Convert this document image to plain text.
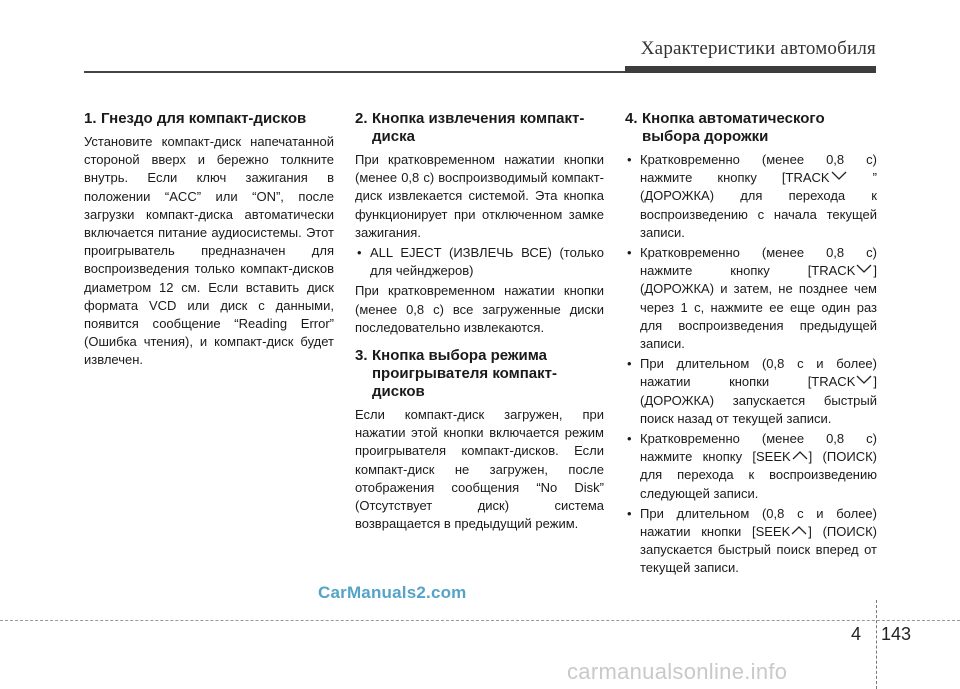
Характеристики автомобиля
1. Гнездо для компакт-дисков

Установите компакт-диск напечатанной стороной вверх и бережно толкните внутрь. Если ключ зажигания в положении “ACC” или “ON”, после загрузки компакт-диска автоматически включается питание аудиосистемы. Этот проигрыватель предназначен для воспроизведения только компакт-дисков диаметром 12 см. Если вставить диск формата VCD или диск с данными, появится сообщение “Reading Error” (Ошибка чтения), и компакт-диск будет извлечен.

2. Кнопка извлечения компакт-диска

При кратковременном нажатии кнопки (менее 0,8 с) воспроизводимый компакт-диск извлекается системой. Эта кнопка функционирует при отключенном замке зажигания.

• ALL EJECT (ИЗВЛЕЧЬ ВСЕ) (только для чейнджеров)

При кратковременном нажатии кнопки (менее 0,8 с) все загруженные диски последовательно извлекаются.

3. Кнопка выбора режима проигрывателя компакт-дисков

Если компакт-диск загружен, при нажатии этой кнопки включается режим проигрывателя компакт-дисков. Если компакт-диск не загружен, после отображения сообщения “No Disk” (Отсутствует диск) система возвращается в предыдущий режим.

4. Кнопка автоматического выбора дорожки
• Кратковременно (менее 0,8 с) нажмите кнопку [TRACK	” (ДОРОЖКА) для перехода к воспроизведению с начала текущей записи.
• Кратковременно (менее 0,8 с) нажмите кнопку [TRACK ] (ДОРОЖКА) и затем, не позднее чем через 1 с, нажмите ее еще один раз для воспроизведения предыдущей записи.
• При длительном (0,8 с и более) нажатии кнопки [TRACK ] (ДОРОЖКА) запускается быстрый поиск назад от текущей записи.
• Кратковременно (менее 0,8 с) нажмите кнопку [SEEK ] (ПОИСК) для перехода к воспроизведению следующей записи.
• При длительном (0,8 с и более) нажатии кнопки [SEEK ] (ПОИСК) запускается быстрый поиск вперед от текущей записи.
CarManuals2.com
4 143
carmanualsonline.info
